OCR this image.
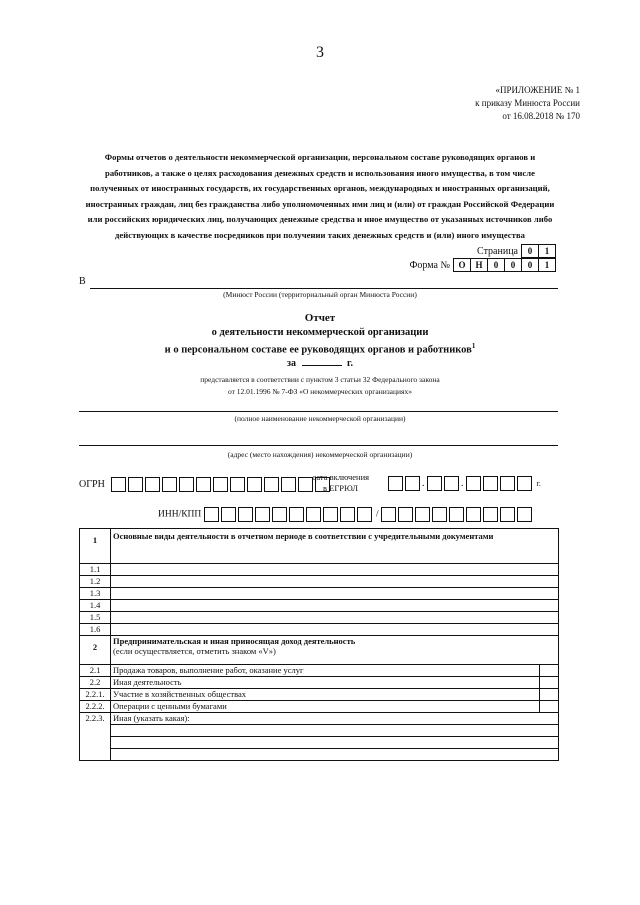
3
«ПРИЛОЖЕНИЕ № 1
к приказу Минюста России
от 16.08.2018 № 170
Формы отчетов о деятельности некоммерческой организации, персональном составе руководящих органов и работников, а также о целях расходования денежных средств и использования иного имущества, в том числе полученных от иностранных государств, их государственных органов, международных и иностранных организаций, иностранных граждан, лиц без гражданства либо уполномоченных ими лиц и (или) от граждан Российской Федерации или российских юридических лиц, получающих денежные средства и иное имущество от указанных источников либо действующих в качестве посредников при получении таких денежных средств и (или) иного имущества
Страница 0 1
Форма № О Н 0 0 0 1
В
(Минюст России (территориальный орган Минюста России)
Отчет
о деятельности некоммерческой организации
и о персональном составе ее руководящих органов и работников$^1$
за	г.
представляется в соответствии с пунктом 3 статьи 32 Федерального закона
от 12.01.1996 № 7-ФЗ «О некоммерческих организациях»
(полное наименование некоммерческой организации)
(адрес (место нахождения) некоммерческой организации)
ОГРН
дата включения
в ЕГРЮЛ	.	.	г.
ИНН/КПП	/
1	Основные виды деятельности в отчетном периоде в соответствии с учредительными документами	
1.1		
1.2		
1.3		
1.4		
1.5		
1.6		
2	Предпринимательская и иная приносящая доход деятельность
(если осуществляется, отметить знаком «V»)	

2.1	Продажа товаров, выполнение работ, оказание услуг	
2.2	Иная деятельность	
2.2.1.	Участие в хозяйственных обществах	
2.2.2.	Операции с ценными бумагами	
2.2.3.	Иная (указать какая):	
